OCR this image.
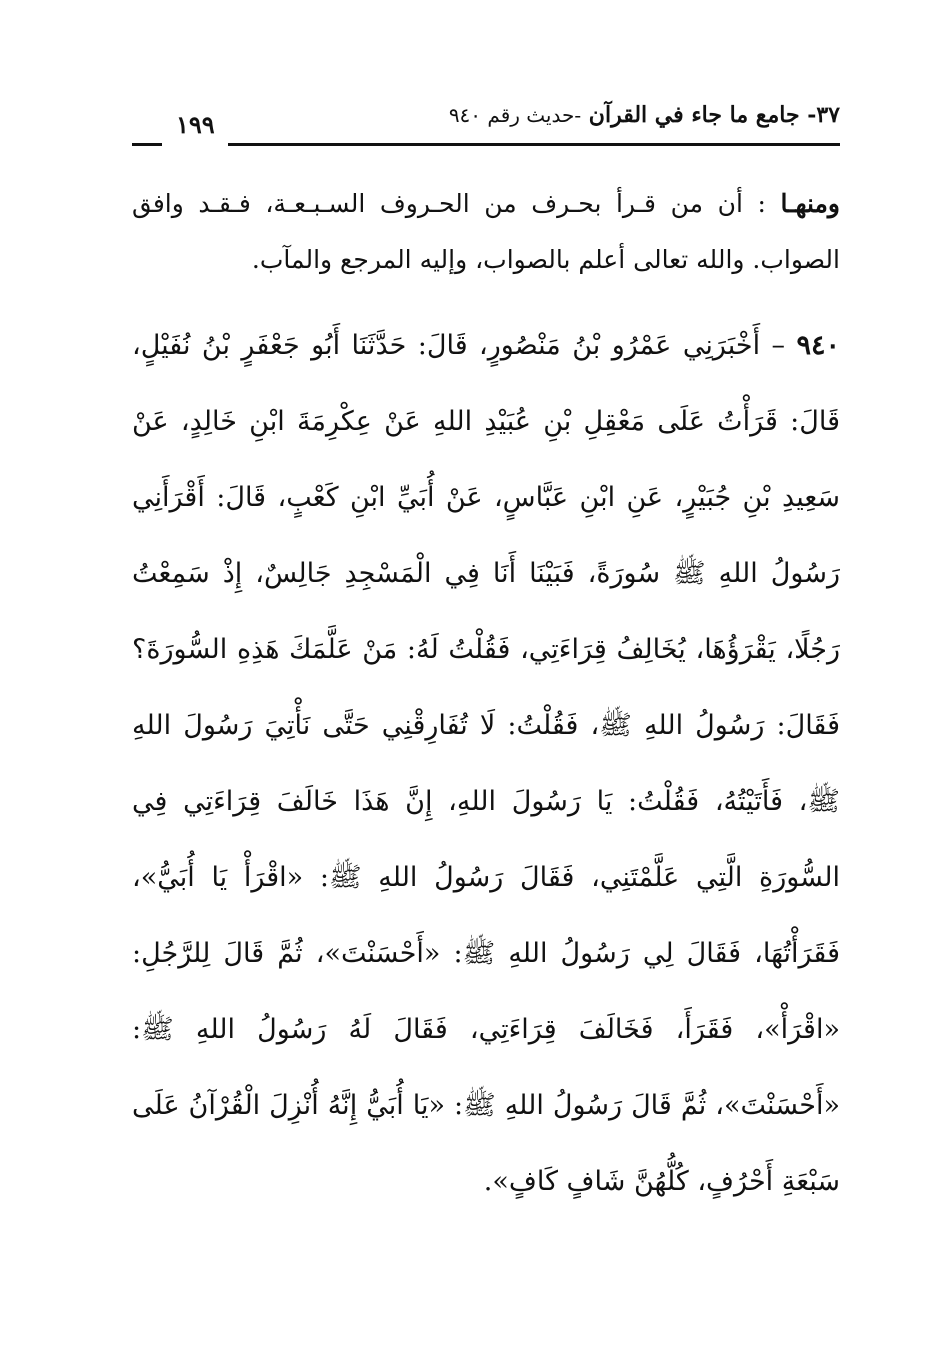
٣٧- جامع ما جاء في القرآن -حديث رقم ٩٤٠
١٩٩

ومنهـا : أن من قـرأ بحـرف من الحـروف السـبـعـة، فـقـد وافق الصواب. والله تعالى أعلم بالصواب، وإليه المرجع والمآب.

٩٤٠ – أَخْبَرَنِي عَمْرُو بْنُ مَنْصُورٍ، قَالَ: حَدَّثَنَا أَبُو جَعْفَرٍ بْنُ نُفَيْلٍ، قَالَ: قَرَأْتُ عَلَى مَعْقِلِ بْنِ عُبَيْدِ اللهِ عَنْ عِكْرِمَةَ ابْنِ خَالِدٍ، عَنْ سَعِيدِ بْنِ جُبَيْرٍ، عَنِ ابْنِ عَبَّاسٍ، عَنْ أُبَيِّ ابْنِ كَعْبٍ، قَالَ: أَقْرَأَنِي رَسُولُ اللهِ ﷺ سُورَةً، فَبَيْنَا أَنَا فِي الْمَسْجِدِ جَالِسٌ، إِذْ سَمِعْتُ رَجُلًا، يَقْرَؤُهَا، يُخَالِفُ قِرَاءَتِي، فَقُلْتُ لَهُ: مَنْ عَلَّمَكَ هَذِهِ السُّورَةَ؟ فَقَالَ: رَسُولُ اللهِ ﷺ، فَقُلْتُ: لَا تُفَارِقْنِي حَتَّى نَأْتِيَ رَسُولَ اللهِ ﷺ، فَأَتَيْتُهُ، فَقُلْتُ: يَا رَسُولَ اللهِ، إِنَّ هَذَا خَالَفَ قِرَاءَتِي فِي السُّورَةِ الَّتِي عَلَّمْتَنِي، فَقَالَ رَسُولُ اللهِ ﷺ: «اقْرَأْ يَا أُبَيُّ»، فَقَرَأْتُهَا، فَقَالَ لِي رَسُولُ اللهِ ﷺ: «أَحْسَنْتَ»، ثُمَّ قَالَ لِلرَّجُلِ: «اقْرَأْ»، فَقَرَأَ، فَخَالَفَ قِرَاءَتِي، فَقَالَ لَهُ رَسُولُ اللهِ ﷺ: «أَحْسَنْتَ»، ثُمَّ قَالَ رَسُولُ اللهِ ﷺ: «يَا أُبَيُّ إِنَّهُ أُنْزِلَ الْقُرْآنُ عَلَى سَبْعَةِ أَحْرُفٍ، كُلُّهُنَّ شَافٍ كَافٍ».
